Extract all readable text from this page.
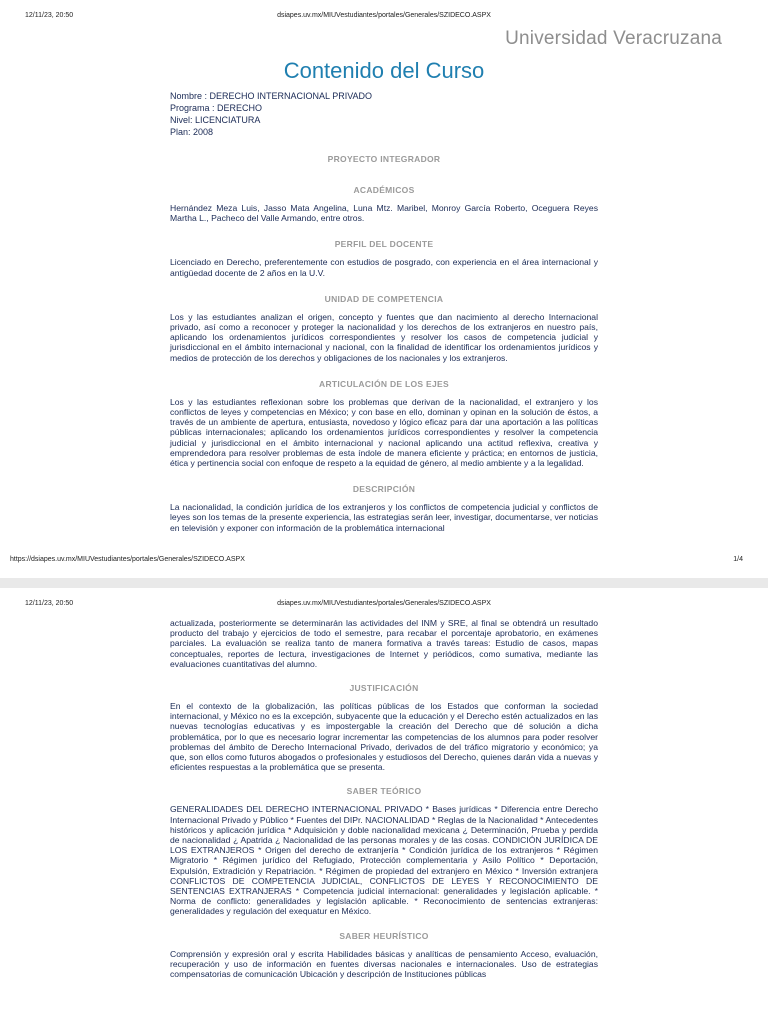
12/11/23, 20:50	dsiapes.uv.mx/MIUVestudiantes/portales/Generales/SZIDECO.ASPX
Universidad Veracruzana
Contenido del Curso
Nombre : DERECHO INTERNACIONAL PRIVADO
Programa : DERECHO
Nivel: LICENCIATURA
Plan: 2008
PROYECTO INTEGRADOR
ACADÉMICOS
Hernández Meza Luis, Jasso Mata Angelina, Luna Mtz. Maribel, Monroy García Roberto, Oceguera Reyes Martha L., Pacheco del Valle Armando, entre otros.
PERFIL DEL DOCENTE
Licenciado en Derecho, preferentemente con estudios de posgrado, con experiencia en el área internacional y antigüedad docente de 2 años en la U.V.
UNIDAD DE COMPETENCIA
Los y las estudiantes analizan el origen, concepto y fuentes que dan nacimiento al derecho Internacional privado, así como a reconocer y proteger la nacionalidad y los derechos de los extranjeros en nuestro país, aplicando los ordenamientos jurídicos correspondientes y resolver los casos de competencia judicial y jurisdiccional en el ámbito internacional y nacional, con la finalidad de identificar los ordenamientos jurídicos y medios de protección de los derechos y obligaciones de los nacionales y los extranjeros.
ARTICULACIÓN DE LOS EJES
Los y las estudiantes reflexionan sobre los problemas que derivan de la nacionalidad, el extranjero y los conflictos de leyes y competencias en México; y con base en ello, dominan y opinan en la solución de éstos, a través de un ambiente de apertura, entusiasta, novedoso y lógico eficaz para dar una aportación a las políticas públicas internacionales; aplicando los ordenamientos jurídicos correspondientes y resolver la competencia judicial y jurisdiccional en el ámbito internacional y nacional aplicando una actitud reflexiva, creativa y emprendedora para resolver problemas de esta índole de manera eficiente y práctica; en entornos de justicia, ética y pertinencia social con enfoque de respeto a la equidad de género, al medio ambiente y a la legalidad.
DESCRIPCIÓN
La nacionalidad, la condición jurídica de los extranjeros y los conflictos de competencia judicial y conflictos de leyes son los temas de la presente experiencia, las estrategias serán leer, investigar, documentarse, ver noticias en televisión y exponer con información de la problemática internacional
https://dsiapes.uv.mx/MIUVestudiantes/portales/Generales/SZIDECO.ASPX	1/4
12/11/23, 20:50	dsiapes.uv.mx/MIUVestudiantes/portales/Generales/SZIDECO.ASPX
actualizada, posteriormente se determinarán las actividades del INM y SRE, al final se obtendrá un resultado producto del trabajo y ejercicios de todo el semestre, para recabar el porcentaje aprobatorio, en exámenes parciales. La evaluación se realiza tanto de manera formativa a través tareas: Estudio de casos, mapas conceptuales, reportes de lectura, investigaciones de Internet y periódicos, como sumativa, mediante las evaluaciones cuantitativas del alumno.
JUSTIFICACIÓN
En el contexto de la globalización, las políticas públicas de los Estados que conforman la sociedad internacional, y México no es la excepción, subyacente que la educación y el Derecho estén actualizados en las nuevas tecnologías educativas y es impostergable la creación del Derecho que dé solución a dicha problemática, por lo que es necesario lograr incrementar las competencias de los alumnos para poder resolver problemas del ámbito de Derecho Internacional Privado, derivados de del tráfico migratorio y económico; ya que, son ellos como futuros abogados o profesionales y estudiosos del Derecho, quienes darán vida a nuevas y eficientes respuestas a la problemática que se presenta.
SABER TEÓRICO
GENERALIDADES DEL DERECHO INTERNACIONAL PRIVADO * Bases jurídicas * Diferencia entre Derecho Internacional Privado y Público * Fuentes del DIPr. NACIONALIDAD * Reglas de la Nacionalidad * Antecedentes históricos y aplicación jurídica * Adquisición y doble nacionalidad mexicana ¿ Determinación, Prueba y perdida de nacionalidad ¿ Apatrida ¿ Nacionalidad de las personas morales y de las cosas. CONDICIÓN JURÍDICA DE LOS EXTRANJEROS * Origen del derecho de extranjería * Condición jurídica de los extranjeros * Régimen Migratorio * Régimen jurídico del Refugiado, Protección complementaria y Asilo Político * Deportación, Expulsión, Extradición y Repatriación. * Régimen de propiedad del extranjero en México * Inversión extranjera CONFLICTOS DE COMPETENCIA JUDICIAL, CONFLICTOS DE LEYES Y RECONOCIMIENTO DE SENTENCIAS EXTRANJERAS * Competencia judicial internacional: generalidades y legislación aplicable. * Norma de conflicto: generalidades y legislación aplicable. * Reconocimiento de sentencias extranjeras: generalidades y regulación del exequatur en México.
SABER HEURÍSTICO
Comprensión y expresión oral y escrita Habilidades básicas y analíticas de pensamiento Acceso, evaluación, recuperación y uso de información en fuentes diversas nacionales e internacionales. Uso de estrategias compensatorias de comunicación Ubicación y descripción de Instituciones públicas
